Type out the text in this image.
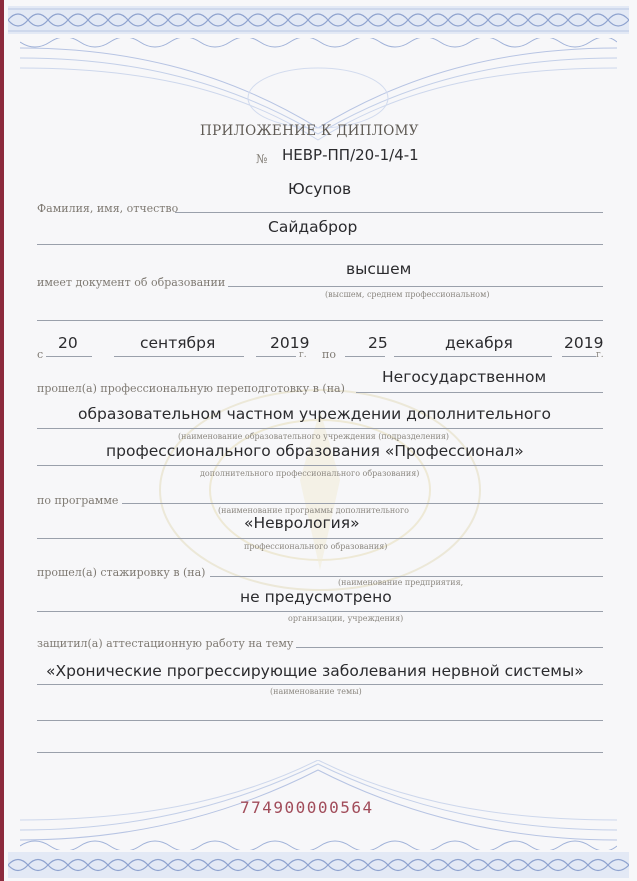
ПРИЛОЖЕНИЕ К ДИПЛОМУ
№ НЕВР-ПП/20-1/4-1
Юсупов
Фамилия, имя, отчество
Сайдаброр
высшем
имеет документ об образовании
(высшем, среднем профессиональном)
с
20	сентября	2019
г. по
25	декабря	2019
г.
прошел(а) профессиональную переподготовку в (на)
Негосударственном
образовательном частном учреждении дополнительного
(наименование образовательного учреждения (подразделения)
профессионального образования «Профессионал»
дополнительного профессионального образования)
по программе
(наименование программы дополнительного
«Неврология»
профессионального образования)
прошел(а) стажировку в (на)
(наименование предприятия,
не предусмотрено
организации, учреждения)
защитил(а) аттестационную работу на тему
«Хронические прогрессирующие заболевания нервной системы»
(наименование темы)
774900000564
